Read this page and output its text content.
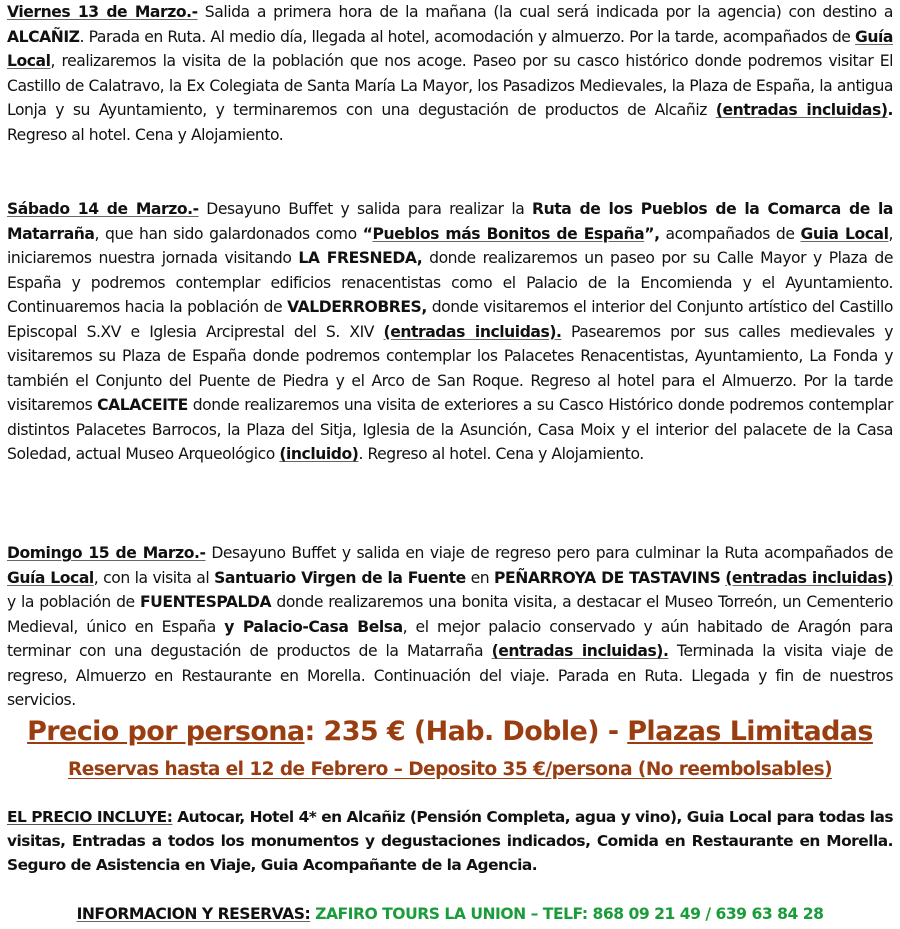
Viernes 13 de Marzo.- Salida a primera hora de la mañana (la cual será indicada por la agencia) con destino a ALCAÑIZ. Parada en Ruta. Al medio día, llegada al hotel, acomodación y almuerzo. Por la tarde, acompañados de Guía Local, realizaremos la visita de la población que nos acoge. Paseo por su casco histórico donde podremos visitar El Castillo de Calatravo, la Ex Colegiata de Santa María La Mayor, los Pasadizos Medievales, la Plaza de España, la antigua Lonja y su Ayuntamiento, y terminaremos con una degustación de productos de Alcañiz (entradas incluidas). Regreso al hotel. Cena y Alojamiento.

Sábado 14 de Marzo.- Desayuno Buffet y salida para realizar la Ruta de los Pueblos de la Comarca de la Matarraña, que han sido galardonados como “Pueblos más Bonitos de España”, acompañados de Guia Local, iniciaremos nuestra jornada visitando LA FRESNEDA, donde realizaremos un paseo por su Calle Mayor y Plaza de España y podremos contemplar edificios renacentistas como el Palacio de la Encomienda y el Ayuntamiento. Continuaremos hacia la población de VALDERROBRES, donde visitaremos el interior del Conjunto artístico del Castillo Episcopal S.XV e Iglesia Arciprestal del S. XIV (entradas incluidas). Pasearemos por sus calles medievales y visitaremos su Plaza de España donde podremos contemplar los Palacetes Renacentistas, Ayuntamiento, La Fonda y también el Conjunto del Puente de Piedra y el Arco de San Roque. Regreso al hotel para el Almuerzo. Por la tarde visitaremos CALACEITE donde realizaremos una visita de exteriores a su Casco Histórico donde podremos contemplar distintos Palacetes Barrocos, la Plaza del Sitja, Iglesia de la Asunción, Casa Moix y el interior del palacete de la Casa Soledad, actual Museo Arqueológico (incluido). Regreso al hotel. Cena y Alojamiento.

Domingo 15 de Marzo.- Desayuno Buffet y salida en viaje de regreso pero para culminar la Ruta acompañados de Guía Local, con la visita al Santuario Virgen de la Fuente en PEÑARROYA DE TASTAVINS (entradas incluidas) y la población de FUENTESPALDA donde realizaremos una bonita visita, a destacar el Museo Torreón, un Cementerio Medieval, único en España y Palacio-Casa Belsa, el mejor palacio conservado y aún habitado de Aragón para terminar con una degustación de productos de la Matarraña (entradas incluidas). Terminada la visita viaje de regreso, Almuerzo en Restaurante en Morella. Continuación del viaje. Parada en Ruta. Llegada y fin de nuestros servicios.

Precio por persona: 235 € (Hab. Doble) - Plazas Limitadas
Reservas hasta el 12 de Febrero – Deposito 35 €/persona (No reembolsables)

EL PRECIO INCLUYE: Autocar, Hotel 4* en Alcañiz (Pensión Completa, agua y vino), Guia Local para todas las visitas, Entradas a todos los monumentos y degustaciones indicados, Comida en Restaurante en Morella. Seguro de Asistencia en Viaje, Guia Acompañante de la Agencia.

INFORMACION Y RESERVAS: ZAFIRO TOURS LA UNION – TELF: 868 09 21 49 / 639 63 84 28
